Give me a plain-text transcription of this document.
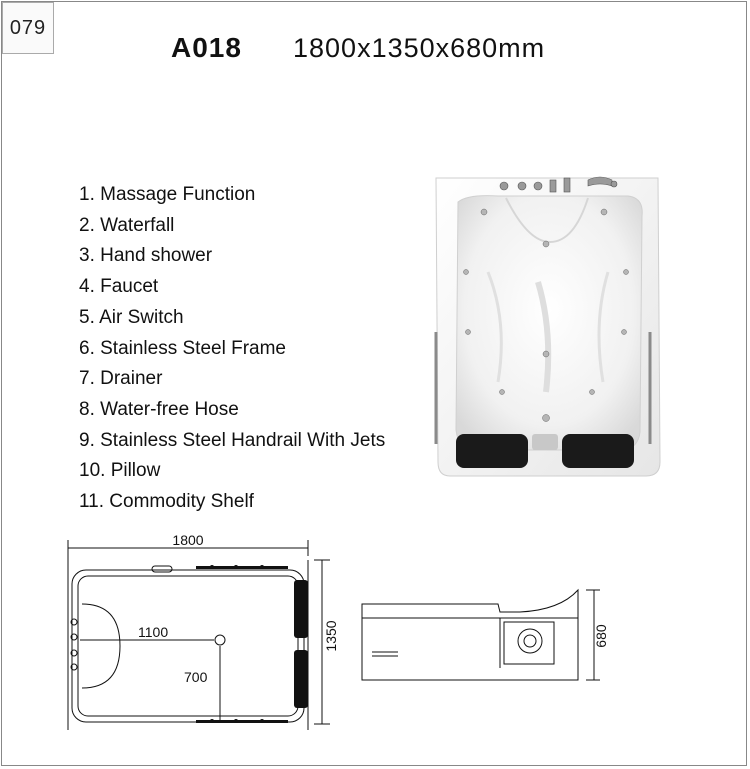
079
A018 1800x1350x680mm
1. Massage Function
2. Waterfall
3. Hand shower
4. Faucet
5. Air Switch
6. Stainless Steel Frame
7. Drainer
8. Water-free Hose
9. Stainless Steel Handrail With Jets
10. Pillow
11. Commodity Shelf
1800
1100
700
1350	680
